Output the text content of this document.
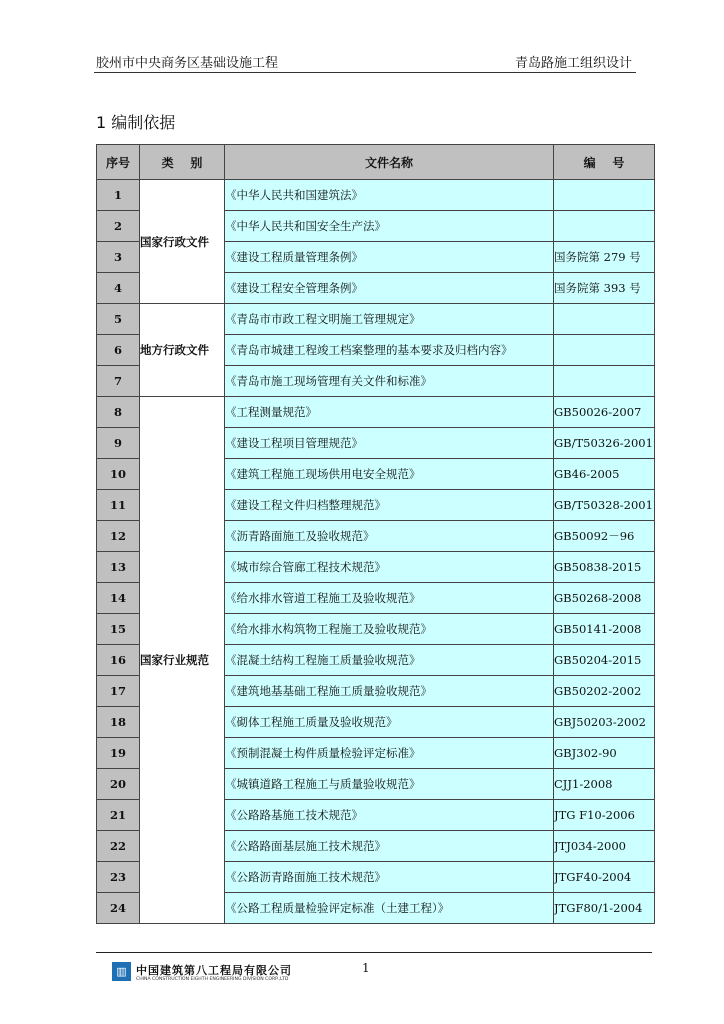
胶州市中央商务区基础设施工程	青岛路施工组织设计
1 编制依据
序号	类    别	文件名称	编    号
1	国家行政文件	《中华人民共和国建筑法》	
2		《中华人民共和国安全生产法》	
3		《建设工程质量管理条例》	国务院第 279 号
4		《建设工程安全管理条例》	国务院第 393 号
5	地方行政文件	《青岛市市政工程文明施工管理规定》	
6		《青岛市城建工程竣工档案整理的基本要求及归档内容》	
7		《青岛市施工现场管理有关文件和标准》	
8	国家行业规范	《工程测量规范》	GB50026-2007
9		《建设工程项目管理规范》	GB/T50326-2001
10		《建筑工程施工现场供用电安全规范》	GB46-2005
11		《建设工程文件归档整理规范》	GB/T50328-2001
12		《沥青路面施工及验收规范》	GB50092－96
13		《城市综合管廊工程技术规范》	GB50838-2015
14		《给水排水管道工程施工及验收规范》	GB50268-2008
15		《给水排水构筑物工程施工及验收规范》	GB50141-2008
16		《混凝土结构工程施工质量验收规范》	GB50204-2015
17		《建筑地基基础工程施工质量验收规范》	GB50202-2002
18		《砌体工程施工质量及验收规范》	GBJ50203-2002
19		《预制混凝土构件质量检验评定标准》	GBJ302-90
20		《城镇道路工程施工与质量验收规范》	CJJ1-2008
21		《公路路基施工技术规范》	JTG F10-2006
22		《公路路面基层施工技术规范》	JTJ034-2000
23		《公路沥青路面施工技术规范》	JTGF40-2004
24		《公路工程质量检验评定标准（土建工程）》	JTGF80/1-2004
▥ 中国建筑第八工程局有限公司
CHINA CONSTRUCTION EIGHTH ENGINEERING DIVISION CORP.,LTD
1
